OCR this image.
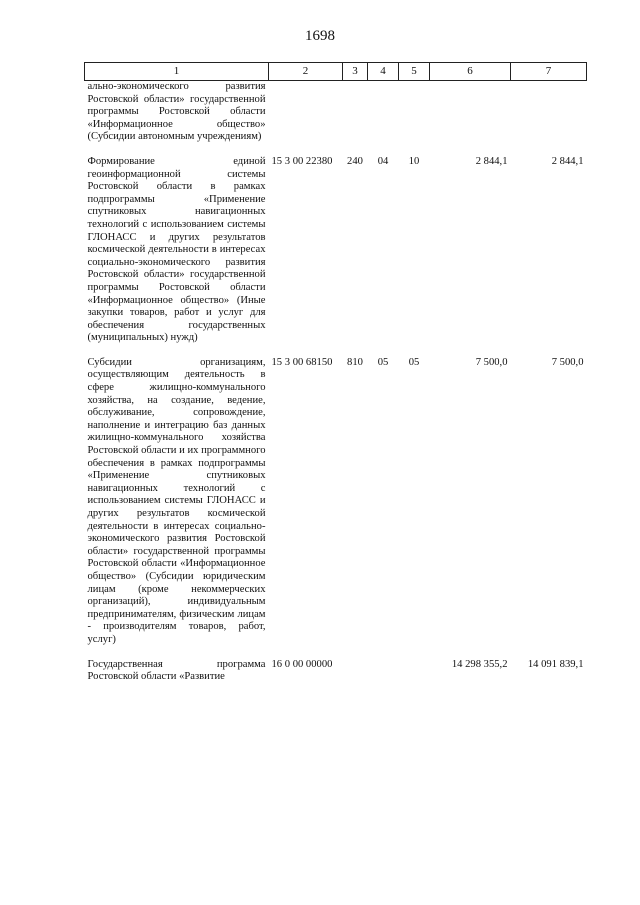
1698
1	2	3	4	5	6	7
ально-экономического развития Ростовской области» государственной программы Ростовской области «Информационное общество» (Субсидии автономным учреждениям)						

Формирование единой геоинформационной системы Ростовской области в рамках подпрограммы «Применение спутниковых навигационных технологий с использованием системы ГЛОНАСС и других результатов космической деятельности в интересах социально-экономического развития Ростовской области» государственной программы Ростовской области «Информационное общество» (Иные закупки товаров, работ и услуг для обеспечения государственных (муниципальных) нужд)	15 3 00 22380	240	04	10	2 844,1	2 844,1

Субсидии организациям, осуществляющим деятельность в сфере жилищно-коммунального хозяйства, на создание, ведение, обслуживание, сопровождение, наполнение и интеграцию баз данных жилищно-коммунального хозяйства Ростовской области и их программного обеспечения в рамках подпрограммы «Применение спутниковых навигационных технологий с использованием системы ГЛОНАСС и других результатов космической деятельности в интересах социально-экономического развития Ростовской области» государственной программы Ростовской области «Информационное общество» (Субсидии юридическим лицам (кроме некоммерческих организаций), индивидуальным предпринимателям, физическим лицам - производителям товаров, работ, услуг)	15 3 00 68150	810	05	05	7 500,0	7 500,0

Государственная программа Ростовской области «Развитие	16 0 00 00000				14 298 355,2	14 091 839,1
